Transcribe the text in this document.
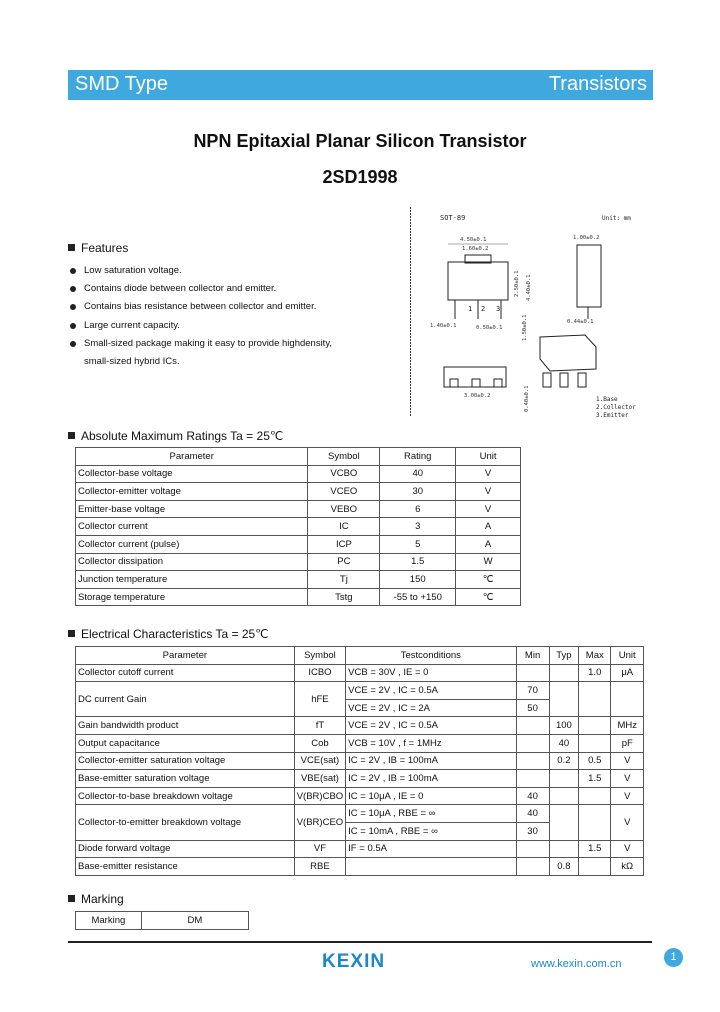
SMD Type	Transistors
NPN Epitaxial Planar Silicon Transistor
2SD1998
SOT-89	Unit: mm
1 2 3
4.50±0.1
1.60±0.2
2.50±0.1 4.40±0.1
1.40±0.1	0.50±0.1
1.00±0.2
0.44±0.1
3.00±0.2
1.50±0.1
0.40±0.1	1.Base
2.Collector
3.Emitter
Features
Low saturation voltage.
Contains diode between collector and emitter.
Contains bias resistance between collector and emitter.
Large current capacity.
Small-sized package making it easy to provide highdensity,
small-sized hybrid ICs.
Absolute Maximum Ratings Ta = 25℃
Parameter	Symbol	Rating	Unit
Collector-base voltage	VCBO	40	V
Collector-emitter voltage	VCEO	30	V
Emitter-base voltage	VEBO	6	V
Collector current	IC	3	A
Collector current (pulse)	ICP	5	A
Collector dissipation	PC	1.5	W
Junction temperature	Tj	150	℃
Storage temperature	Tstg	-55 to +150	℃
Electrical Characteristics Ta = 25℃
Parameter	Symbol	Testconditions	Min	Typ	Max	Unit
Collector cutoff current	ICBO	VCB = 30V , IE = 0			1.0	μA
DC current Gain	hFE	VCE = 2V , IC = 0.5A	70			
		VCE = 2V , IC = 2A	50			
Gain bandwidth product	fT	VCE = 2V , IC = 0.5A		100		MHz
Output capacitance	Cob	VCB = 10V , f = 1MHz		40		pF
Collector-emitter saturation voltage	VCE(sat)	IC = 2V , IB = 100mA		0.2	0.5	V
Base-emitter saturation voltage	VBE(sat)	IC = 2V , IB = 100mA			1.5	V
Collector-to-base breakdown voltage	V(BR)CBO	IC = 10μA , IE = 0	40			V
Collector-to-emitter breakdown voltage	V(BR)CEO	IC = 10μA , RBE = ∞	40			V
		IC = 10mA , RBE = ∞	30			
Diode forward voltage	VF	IF = 0.5A			1.5	V
Base-emitter resistance	RBE			0.8		kΩ
Marking
Marking	DM
KEXIN	www.kexin.com.cn
1
